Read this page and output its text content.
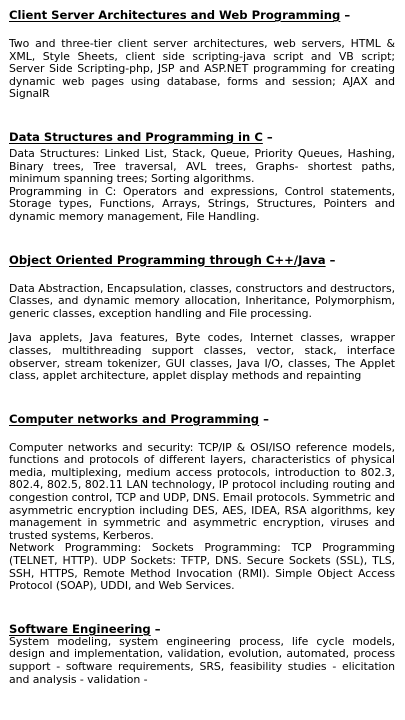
Client Server Architectures and Web Programming –

Two and three-tier client server architectures, web servers, HTML & XML, Style Sheets, client side scripting-java script and VB script; Server Side Scripting-php, JSP and ASP.NET programming for creating dynamic web pages using database, forms and session; AJAX and SignalR

Data Structures and Programming in C –

Data Structures: Linked List, Stack, Queue, Priority Queues, Hashing, Binary trees, Tree traversal, AVL trees, Graphs- shortest paths, minimum spanning trees; Sorting algorithms.

Programming in C: Operators and expressions, Control statements, Storage types, Functions, Arrays, Strings, Structures, Pointers and dynamic memory management, File Handling.

Object Oriented Programming through C++/Java –

Data Abstraction, Encapsulation, classes, constructors and destructors, Classes, and dynamic memory allocation, Inheritance, Polymorphism, generic classes, exception handling and File processing.

Java applets, Java features, Byte codes, Internet classes, wrapper classes, multithreading support classes, vector, stack, interface observer, stream tokenizer, GUI classes, Java I/O, classes, The Applet class, applet architecture, applet display methods and repainting

Computer networks and Programming –

Computer networks and security: TCP/IP & OSI/ISO reference models, functions and protocols of different layers, characteristics of physical media, multiplexing, medium access protocols, introduction to 802.3, 802.4, 802.5, 802.11 LAN technology, IP protocol including routing and congestion control, TCP and UDP, DNS. Email protocols. Symmetric and asymmetric encryption including DES, AES, IDEA, RSA algorithms, key management in symmetric and asymmetric encryption, viruses and trusted systems, Kerberos.

Network Programming: Sockets Programming: TCP Programming (TELNET, HTTP). UDP Sockets: TFTP, DNS. Secure Sockets (SSL), TLS, SSH, HTTPS, Remote Method Invocation (RMI). Simple Object Access Protocol (SOAP), UDDI, and Web Services.

Software Engineering –

System modeling, system engineering process, life cycle models, design and implementation, validation, evolution, automated, process support - software requirements, SRS, feasibility studies - elicitation and analysis - validation -
